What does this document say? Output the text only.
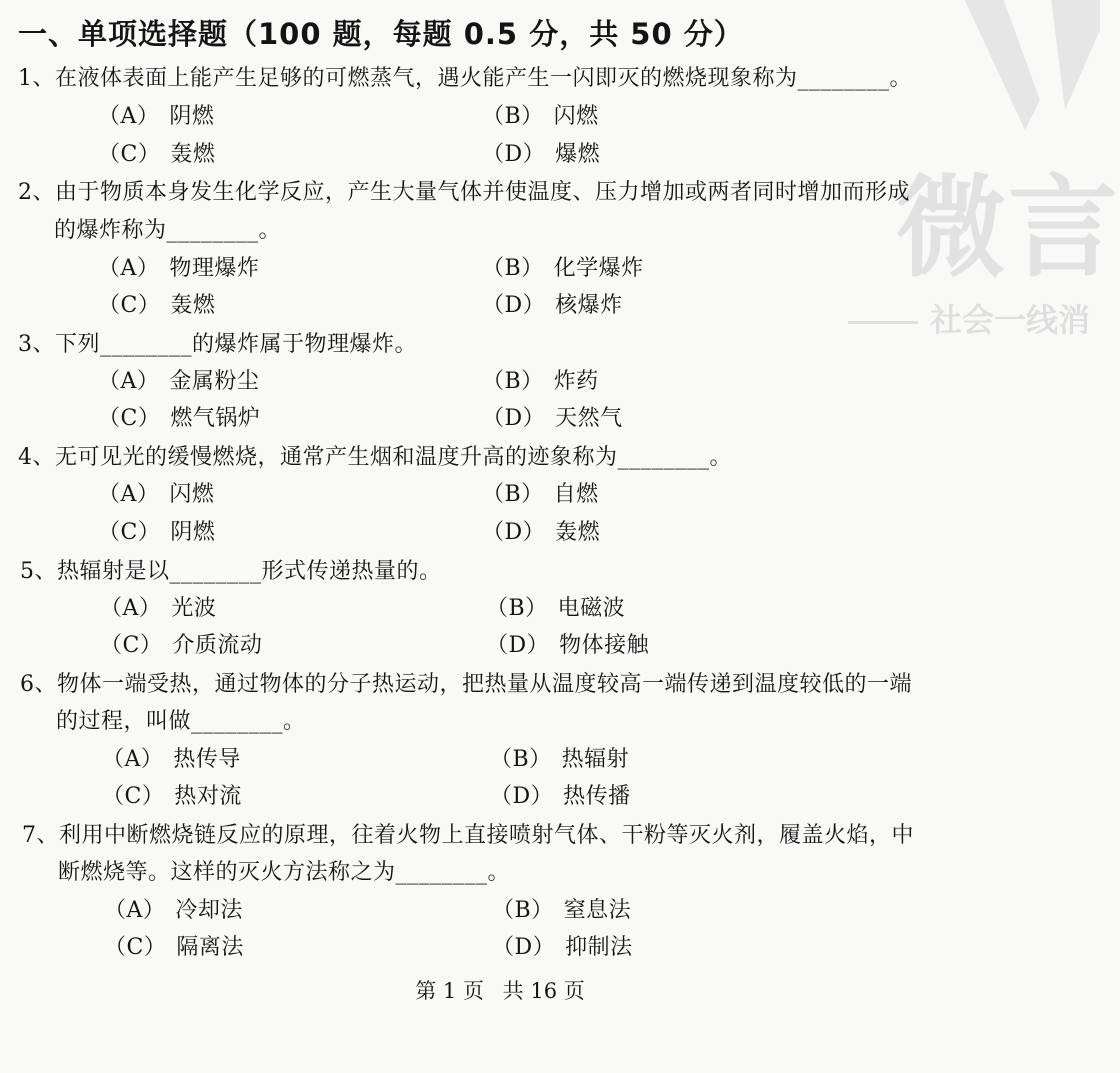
微言
社会一线消
一、单项选择题（100 题，每题 0.5 分，共 50 分）
1、在液体表面上能产生足够的可燃蒸气，遇火能产生一闪即灭的燃烧现象称为________。
（A） 阴燃	（B） 闪燃
（C） 轰燃	（D） 爆燃
2、由于物质本身发生化学反应，产生大量气体并使温度、压力增加或两者同时增加而形成
的爆炸称为________。
（A） 物理爆炸	（B） 化学爆炸
（C） 轰燃	（D） 核爆炸
3、下列________的爆炸属于物理爆炸。
（A） 金属粉尘	（B） 炸药
（C） 燃气锅炉	（D） 天然气
4、无可见光的缓慢燃烧，通常产生烟和温度升高的迹象称为________。
（A） 闪燃	（B） 自燃
（C） 阴燃	（D） 轰燃
5、热辐射是以________形式传递热量的。
（A） 光波	（B） 电磁波
（C） 介质流动	（D） 物体接触
6、物体一端受热，通过物体的分子热运动，把热量从温度较高一端传递到温度较低的一端
的过程，叫做________。
（A） 热传导	（B） 热辐射
（C） 热对流	（D） 热传播
7、利用中断燃烧链反应的原理，往着火物上直接喷射气体、干粉等灭火剂，履盖火焰，中
断燃烧等。这样的灭火方法称之为________。
（A） 冷却法	（B） 窒息法
（C） 隔离法	（D） 抑制法
第 1 页 共 16 页
